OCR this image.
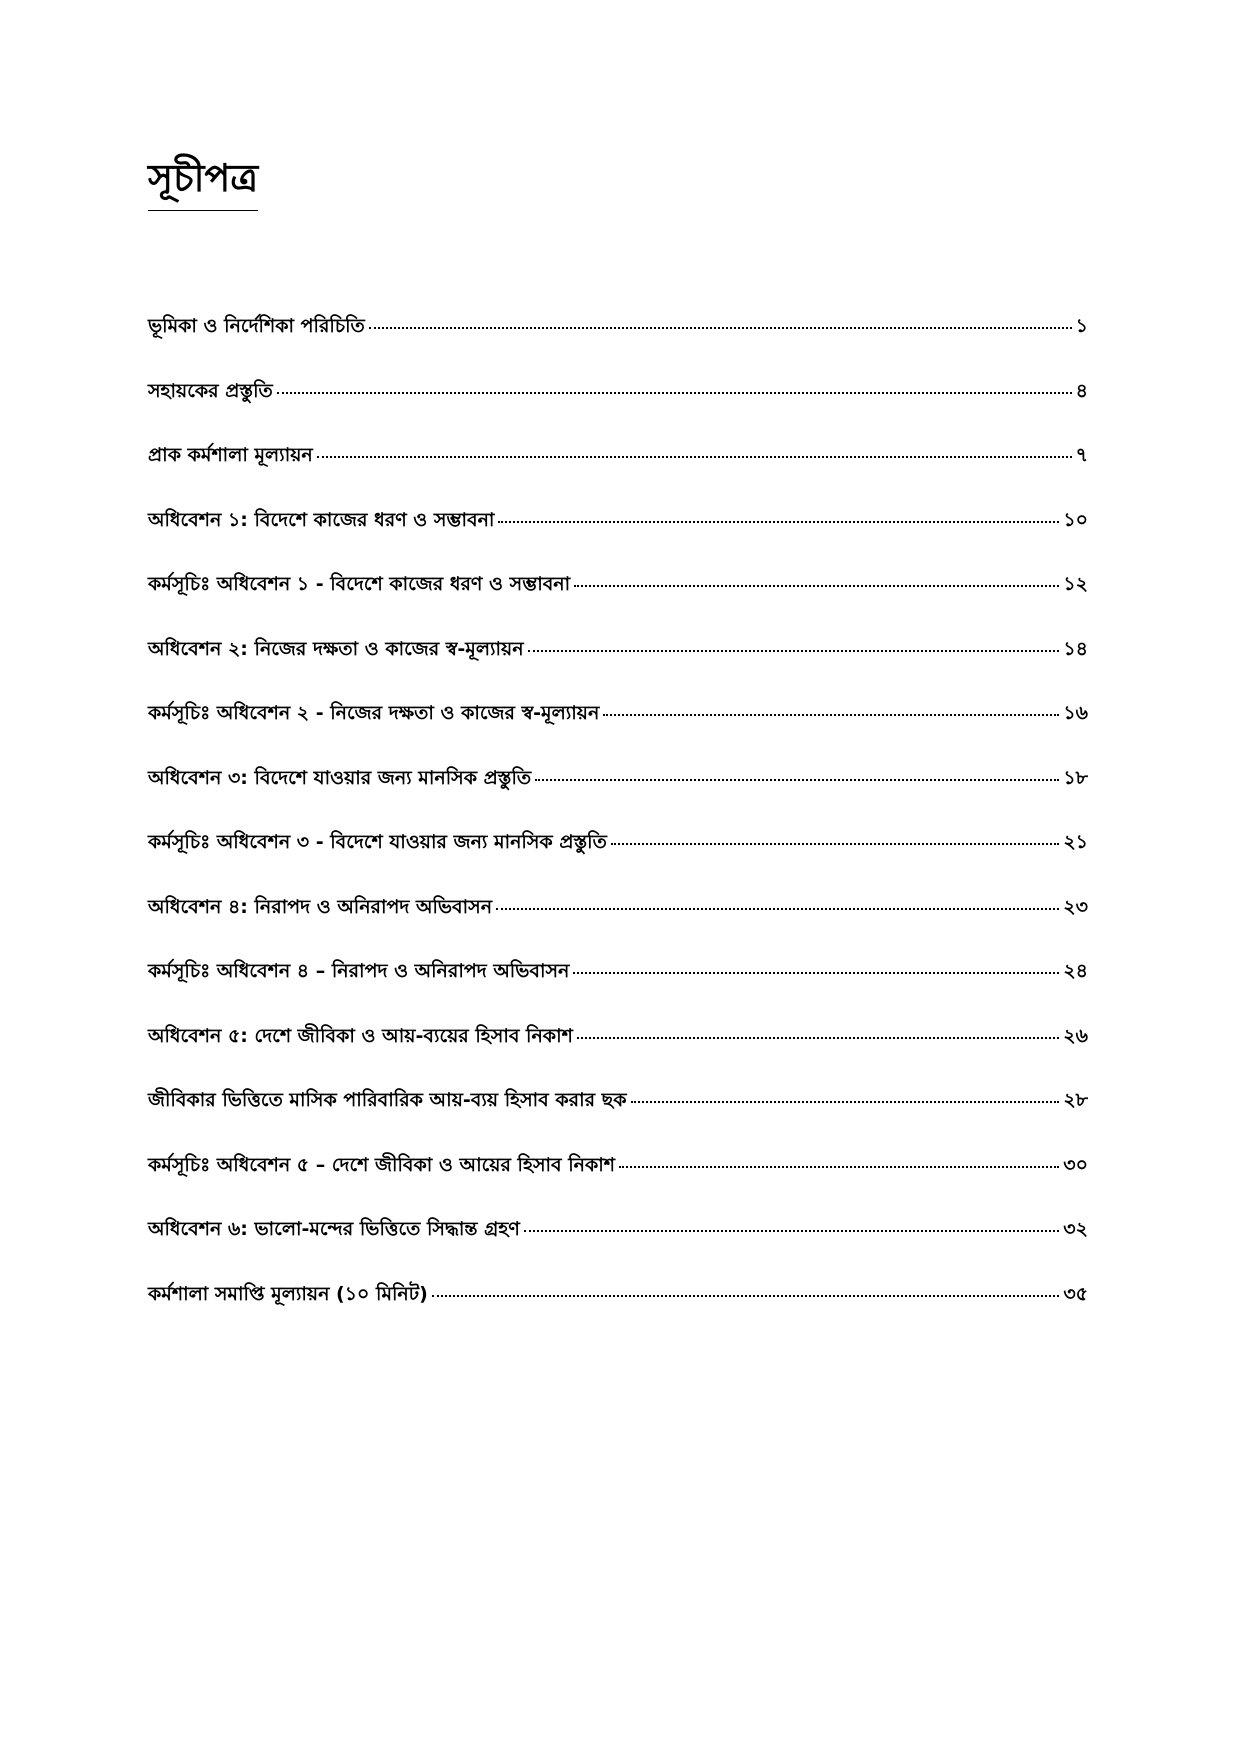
সূচীপত্র
ভূমিকা ও নির্দেশিকা পরিচিতি	১
সহায়কের প্রস্তুতি	৪
প্রাক কর্মশালা মূল্যায়ন	৭
অধিবেশন ১: বিদেশে কাজের ধরণ ও সম্ভাবনা	১০
কর্মসূচিঃ অধিবেশন ১ - বিদেশে কাজের ধরণ ও সম্ভাবনা	১২
অধিবেশন ২: নিজের দক্ষতা ও কাজের স্ব-মূল্যায়ন	১৪
কর্মসূচিঃ অধিবেশন ২ - নিজের দক্ষতা ও কাজের স্ব-মূল্যায়ন	১৬
অধিবেশন ৩: বিদেশে যাওয়ার জন্য মানসিক প্রস্তুতি	১৮
কর্মসূচিঃ অধিবেশন ৩ - বিদেশে যাওয়ার জন্য মানসিক প্রস্তুতি	২১
অধিবেশন ৪: নিরাপদ ও অনিরাপদ অভিবাসন	২৩
কর্মসূচিঃ অধিবেশন ৪ – নিরাপদ ও অনিরাপদ অভিবাসন	২৪
অধিবেশন ৫: দেশে জীবিকা ও আয়-ব্যয়ের হিসাব নিকাশ	২৬
জীবিকার ভিত্তিতে মাসিক পারিবারিক আয়-ব্যয় হিসাব করার ছক	২৮
কর্মসূচিঃ অধিবেশন ৫ – দেশে জীবিকা ও আয়ের হিসাব নিকাশ	৩০
অধিবেশন ৬: ভালো-মন্দের ভিত্তিতে সিদ্ধান্ত গ্রহণ	৩২
কর্মশালা সমাপ্তি মূল্যায়ন (১০ মিনিট)	৩৫
